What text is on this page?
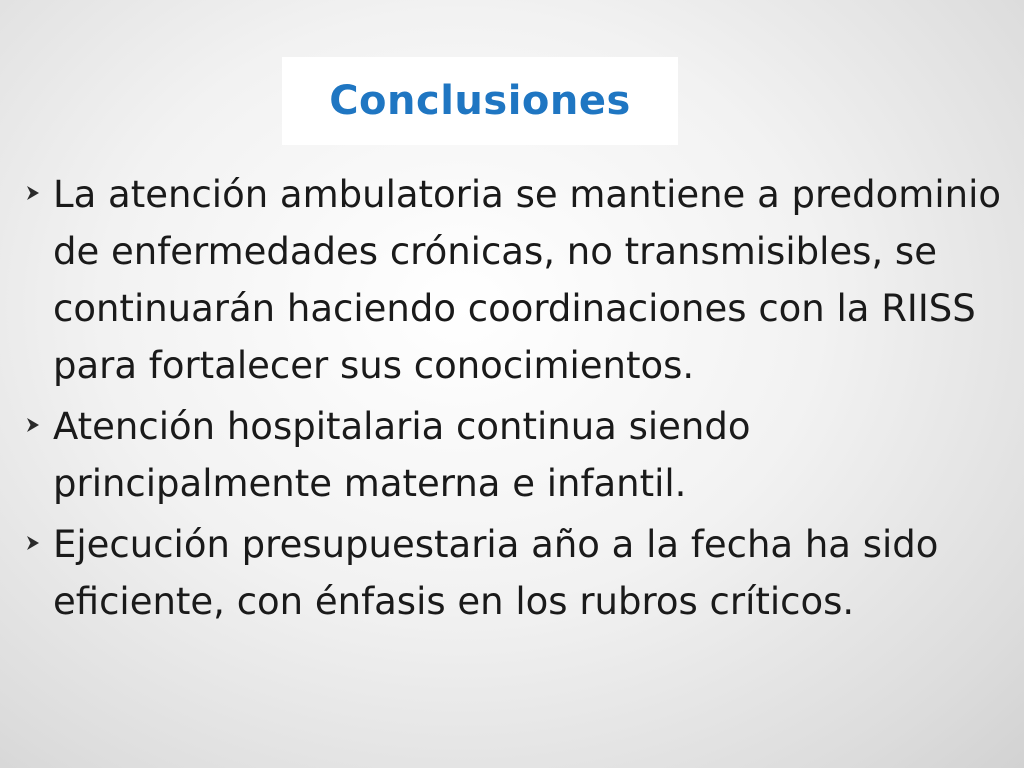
Conclusiones
La atención ambulatoria se mantiene a predominio de enfermedades crónicas, no transmisibles, se continuarán haciendo coordinaciones con la RIISS para fortalecer sus conocimientos.
Atención hospitalaria continua siendo principalmente materna e infantil.
Ejecución presupuestaria año a la fecha ha sido eficiente, con énfasis en los rubros críticos.
